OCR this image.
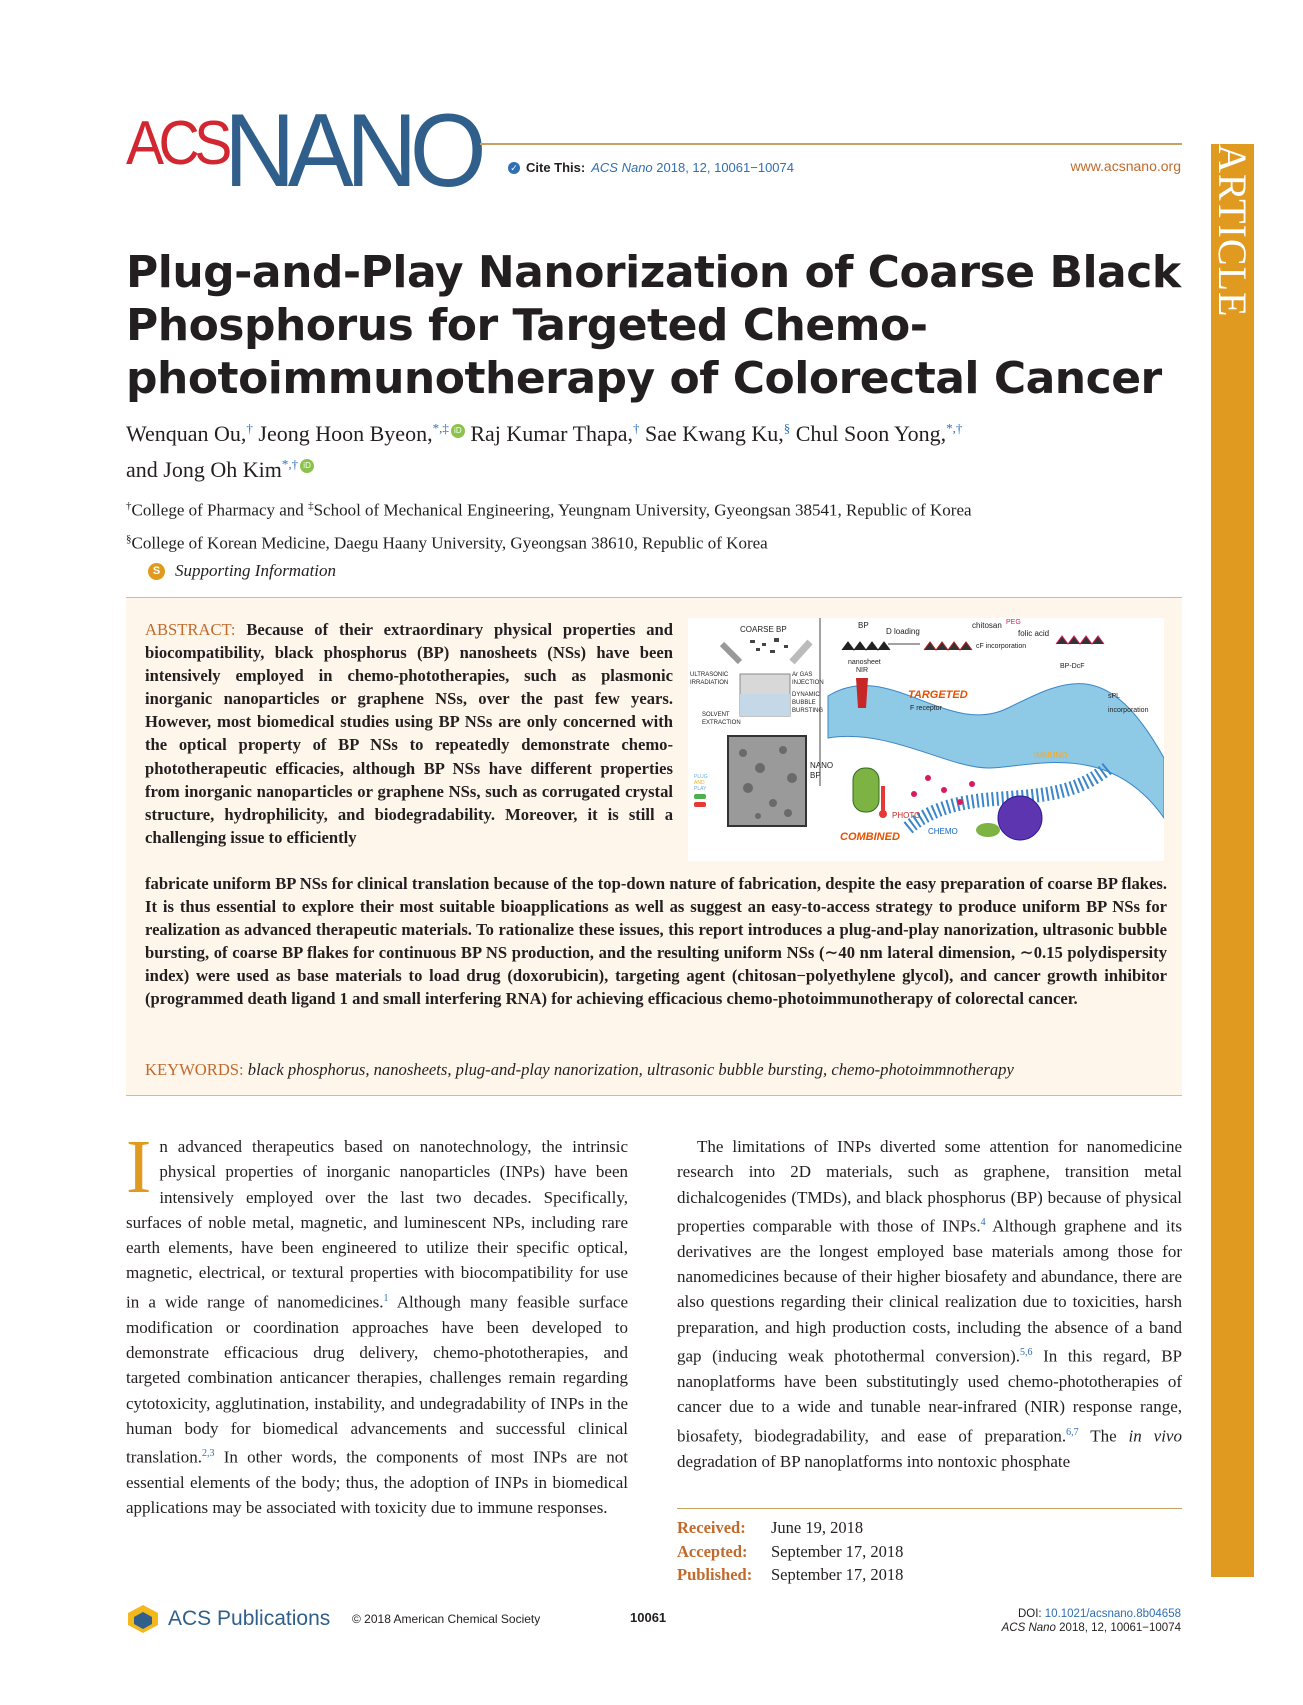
ACS
NANO	✓ Cite This: ACS Nano 2018, 12, 10061−10074	www.acsnano.org ARTICLE
Plug-and-Play Nanorization of Coarse Black Phosphorus for Targeted Chemo-photoimmunotherapy of Colorectal Cancer
Wenquan Ou,† Jeong Hoon Byeon,*,‡ iD Raj Kumar Thapa,† Sae Kwang Ku,§ Chul Soon Yong,*,†
and Jong Oh Kim*,† iD
†College of Pharmacy and ‡School of Mechanical Engineering, Yeungnam University, Gyeongsan 38541, Republic of Korea
§College of Korean Medicine, Daegu Haany University, Gyeongsan 38610, Republic of Korea
S Supporting Information
ABSTRACT: Because of their extraordinary physical properties and biocompatibility, black phosphorus (BP) nanosheets (NSs) have been intensively employed in chemo-phototherapies, such as plasmonic inorganic nanoparticles or graphene NSs, over the past few years. However, most biomedical studies using BP NSs are only concerned with the optical property of BP NSs to repeatedly demonstrate chemo-phototherapeutic efficacies, although BP NSs have different properties from inorganic nanoparticles or graphene NSs, such as corrugated crystal structure, hydrophilicity, and biodegradability. Moreover, it is still a challenging issue to efficiently
fabricate uniform BP NSs for clinical translation because of the top-down nature of fabrication, despite the easy preparation of coarse BP flakes. It is thus essential to explore their most suitable bioapplications as well as suggest an easy-to-access strategy to produce uniform BP NSs for realization as advanced therapeutic materials. To rationalize these issues, this report introduces a plug-and-play nanorization, ultrasonic bubble bursting, of coarse BP flakes for continuous BP NS production, and the resulting uniform NSs (∼40 nm lateral dimension, ∼0.15 polydispersity index) were used as base materials to load drug (doxorubicin), targeting agent (chitosan−polyethylene glycol), and cancer growth inhibitor (programmed death ligand 1 and small interfering RNA) for achieving efficacious chemo-photoimmunotherapy of colorectal cancer.
KEYWORDS: black phosphorus, nanosheets, plug-and-play nanorization, ultrasonic bubble bursting, chemo-photoimmnotherapy
COARSE BP
ULTRASONIC
IRRADIATION
Ar GAS
INJECTION
DYNAMIC
BUBBLE
BURSTING
SOLVENT
EXTRACTION
PLUG
AND
PLAY
NANO
BP
BP
nanosheet
D loading
chitosan PEG
folic acid
cF incorporation
BP-DcF
NIR
TARGETED
F receptor
sPL
incorporation
IMMUNO
PHOTO
COMBINED	CHEMO
In advanced therapeutics based on nanotechnology, the intrinsic physical properties of inorganic nanoparticles (INPs) have been intensively employed over the last two decades. Specifically, surfaces of noble metal, magnetic, and luminescent NPs, including rare earth elements, have been engineered to utilize their specific optical, magnetic, electrical, or textural properties with biocompatibility for use in a wide range of nanomedicines.$^1$ Although many feasible surface modification or coordination approaches have been developed to demonstrate efficacious drug delivery, chemo-phototherapies, and targeted combination anticancer therapies, challenges remain regarding cytotoxicity, agglutination, instability, and undegradability of INPs in the human body for biomedical advancements and successful clinical translation.$^{2,3}$ In other words, the components of most INPs are not essential elements of the body; thus, the adoption of INPs in biomedical applications may be associated with toxicity due to immune responses.
The limitations of INPs diverted some attention for nanomedicine research into 2D materials, such as graphene, transition metal dichalcogenides (TMDs), and black phosphorus (BP) because of physical properties comparable with those of INPs.$^4$ Although graphene and its derivatives are the longest employed base materials among those for nanomedicines because of their higher biosafety and abundance, there are also questions regarding their clinical realization due to toxicities, harsh preparation, and high production costs, including the absence of a band gap (inducing weak photothermal conversion).$^{5,6}$ In this regard, BP nanoplatforms have been substitutingly used chemo-phototherapies of cancer due to a wide and tunable near-infrared (NIR) response range, biosafety, biodegradability, and ease of preparation.$^{6,7}$ The in vivo degradation of BP nanoplatforms into nontoxic phosphate
Received:	June 19, 2018
Accepted:	September 17, 2018
Published:	September 17, 2018
ACS Publications © 2018 American Chemical Society	10061	DOI: 10.1021/acsnano.8b04658
ACS Nano 2018, 12, 10061−10074
